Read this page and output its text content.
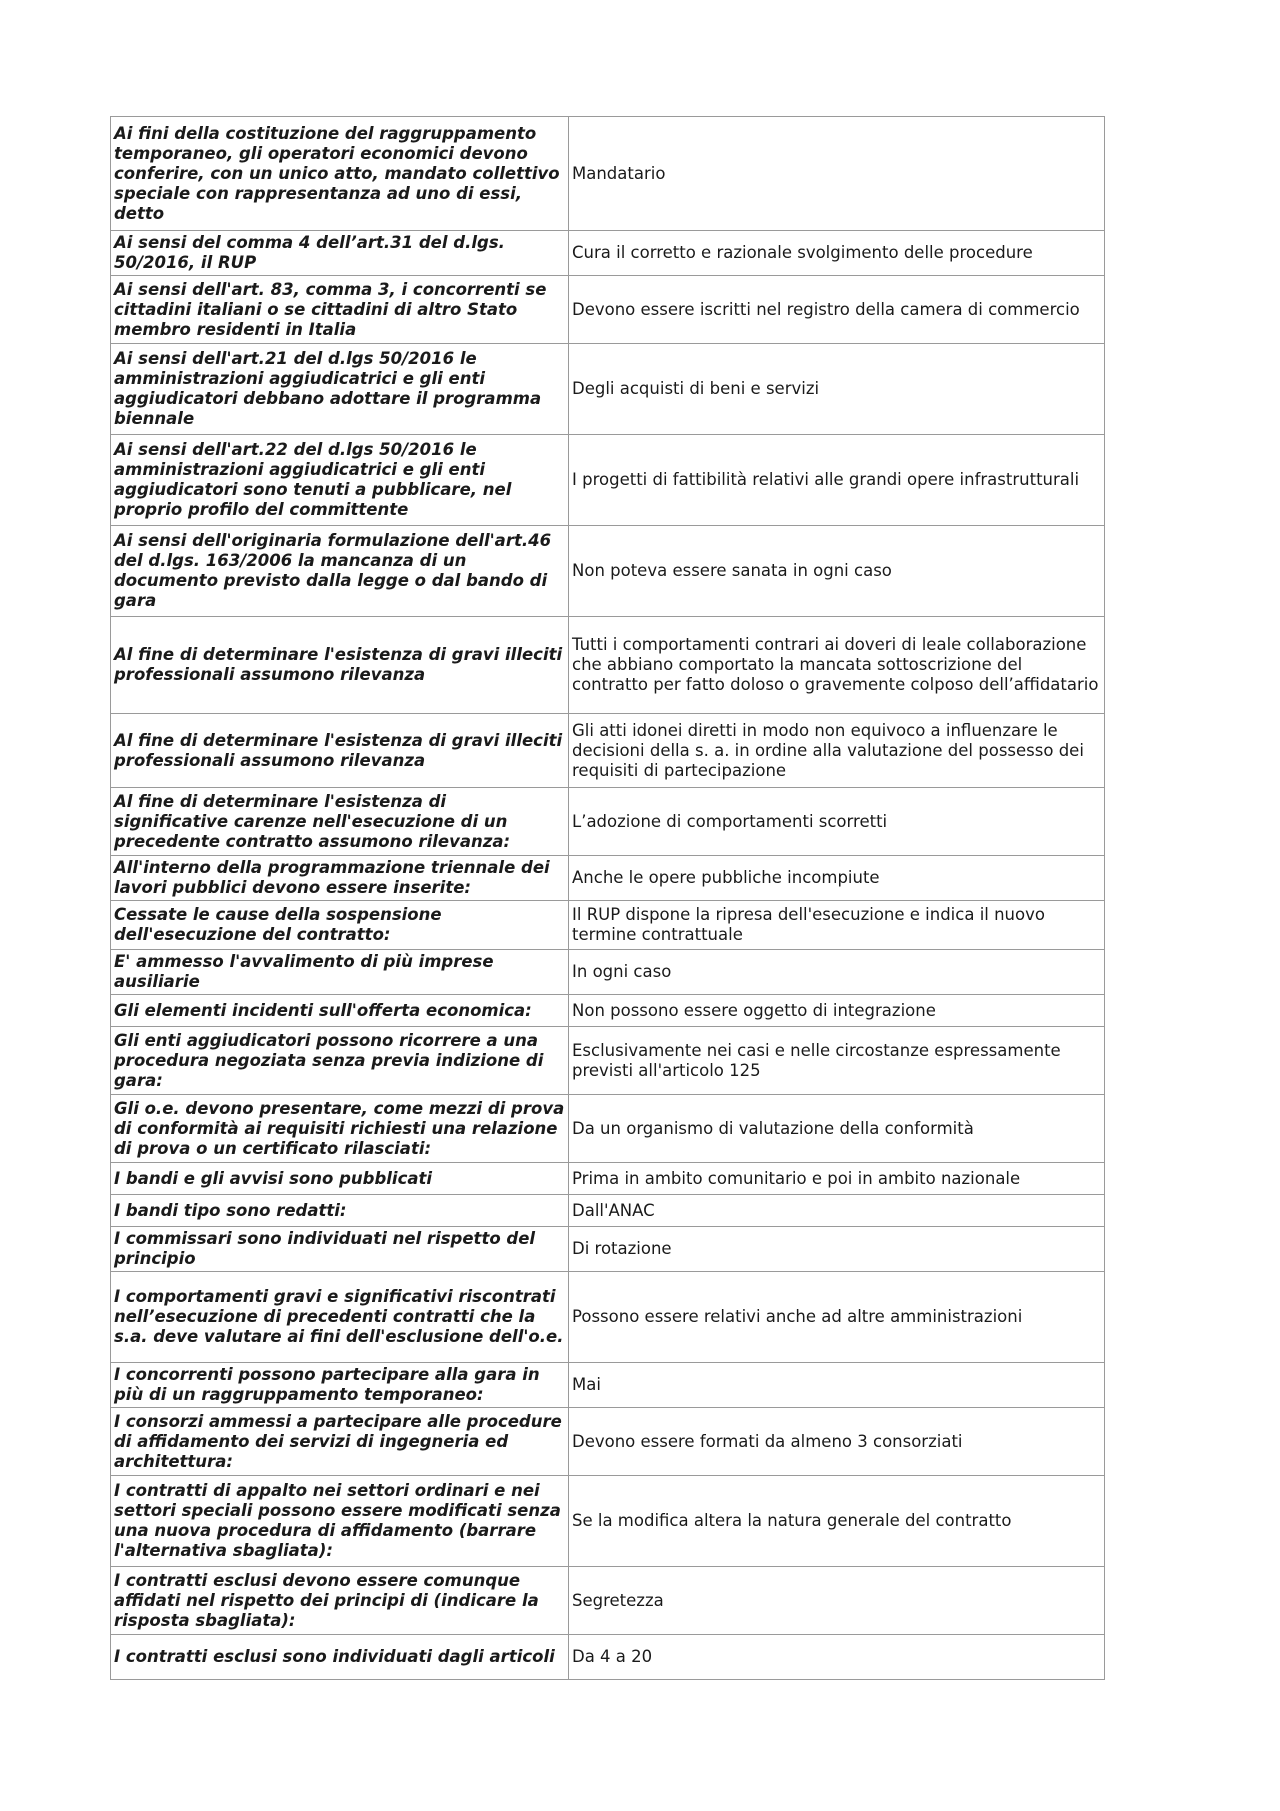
Ai fini della costituzione del raggruppamento temporaneo, gli operatori economici devono conferire, con un unico atto, mandato collettivo speciale con rappresentanza ad uno di essi, detto	Mandatario
Ai sensi del comma 4 dell’art.31 del d.lgs. 50/2016, il RUP	Cura il corretto e razionale svolgimento delle procedure
Ai sensi dell'art. 83, comma 3, i concorrenti se cittadini italiani o se cittadini di altro Stato membro residenti in Italia	Devono essere iscritti nel registro della camera di commercio
Ai sensi dell'art.21 del d.lgs 50/2016 le amministrazioni aggiudicatrici e gli enti aggiudicatori debbano adottare il programma biennale	Degli acquisti di beni e servizi
Ai sensi dell'art.22 del d.lgs 50/2016 le amministrazioni aggiudicatrici e gli enti aggiudicatori sono tenuti a pubblicare, nel proprio profilo del committente	I progetti di fattibilità relativi alle grandi opere infrastrutturali
Ai sensi dell'originaria formulazione dell'art.46 del d.lgs. 163/2006 la mancanza di un documento previsto dalla legge o dal bando di gara	Non poteva essere sanata in ogni caso
Al fine di determinare l'esistenza di gravi illeciti professionali assumono rilevanza	Tutti i comportamenti contrari ai doveri di leale collaborazione che abbiano comportato la mancata sottoscrizione del contratto per fatto doloso o gravemente colposo dell’affidatario
Al fine di determinare l'esistenza di gravi illeciti professionali assumono rilevanza	Gli atti idonei diretti in modo non equivoco a influenzare le decisioni della s. a. in ordine alla valutazione del possesso dei requisiti di partecipazione
Al fine di determinare l'esistenza di significative carenze nell'esecuzione di un precedente contratto assumono rilevanza:	L’adozione di comportamenti scorretti
All'interno della programmazione triennale dei lavori pubblici devono essere inserite:	Anche le opere pubbliche incompiute
Cessate le cause della sospensione dell'esecuzione del contratto:	Il RUP dispone la ripresa dell'esecuzione e indica il nuovo termine contrattuale
E' ammesso l'avvalimento di più imprese ausiliarie	In ogni caso
Gli elementi incidenti sull'offerta economica:	Non possono essere oggetto di integrazione
Gli enti aggiudicatori possono ricorrere a una procedura negoziata senza previa indizione di gara:	Esclusivamente nei casi e nelle circostanze espressamente previsti all'articolo 125
Gli o.e. devono presentare, come mezzi di prova di conformità ai requisiti richiesti una relazione di prova o un certificato rilasciati:	Da un organismo di valutazione della conformità
I bandi e gli avvisi sono pubblicati	Prima in ambito comunitario e poi in ambito nazionale
I bandi tipo sono redatti:	Dall'ANAC
I commissari sono individuati nel rispetto del principio	Di rotazione
I comportamenti gravi e significativi riscontrati nell’esecuzione di precedenti contratti che la s.a. deve valutare ai fini dell'esclusione dell'o.e.	Possono essere relativi anche ad altre amministrazioni
I concorrenti possono partecipare alla gara in più di un raggruppamento temporaneo:	Mai
I consorzi ammessi a partecipare alle procedure di affidamento dei servizi di ingegneria ed architettura:	Devono essere formati da almeno 3 consorziati
I contratti di appalto nei settori ordinari e nei settori speciali possono essere modificati senza una nuova procedura di affidamento (barrare l'alternativa sbagliata):	Se la modifica altera la natura generale del contratto
I contratti esclusi devono essere comunque affidati nel rispetto dei principi di (indicare la risposta sbagliata):	Segretezza
I contratti esclusi sono individuati dagli articoli	Da 4 a 20
